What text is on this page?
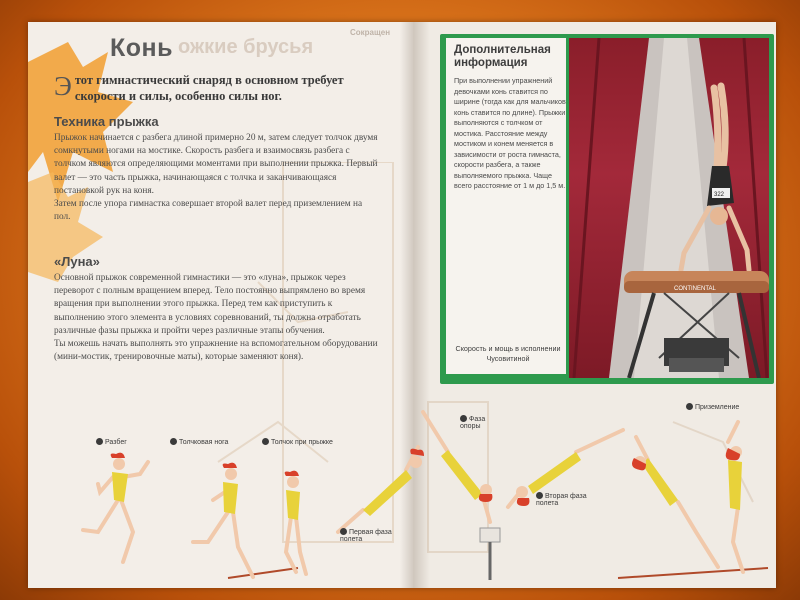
ожкие брусья
Сокращен
Конь
Этот гимнастический снаряд в основном требует скорости и силы, особенно силы ног.
Техника прыжка

Прыжок начинается с разбега длиной примерно 20 м, затем следует толчок двумя сомкнутыми ногами на мостике. Скорость разбега и взаимосвязь разбега с толчком являются определяющими моментами при выполнении прыжка. Первый валет — это часть прыжка, начинающаяся с толчка и заканчивающаяся постановкой рук на коня.

Затем после упора гимнастка совершает второй валет перед приземлением на пол.

«Луна»

Основной прыжок современной гимнастики — это «луна», прыжок через переворот с полным вращением вперед. Тело постоянно выпрямлено во время вращения при выполнении этого прыжка. Перед тем как приступить к выполнению этого элемента в условиях соревнований, ты должна отработать различные фазы прыжка и пройти через различные этапы обучения.

Ты можешь начать выполнять это упражнение на вспомогательном оборудовании (мини-мостик, тренировочные маты), которые заменяют коня).

Дополнительная информация
При выполнении упражнений девочками конь ставится по ширине (тогда как для мальчиков конь ставится по длине). Прыжки выполняются с толчком от мостика. Расстояние между мостиком и конем меняется в зависимости от роста гимнаста, скорости разбега, а также выполняемого прыжка. Чаще всего расстояние от 1 м до 1,5 м.
Скорость и мощь в исполнении Чусовитиной
322
CONTINENTAL
Разбег	Толчковая нога	Толчок при прыжке
Первая фаза полета
Фаза опоры
Вторая фаза полета
Приземление
